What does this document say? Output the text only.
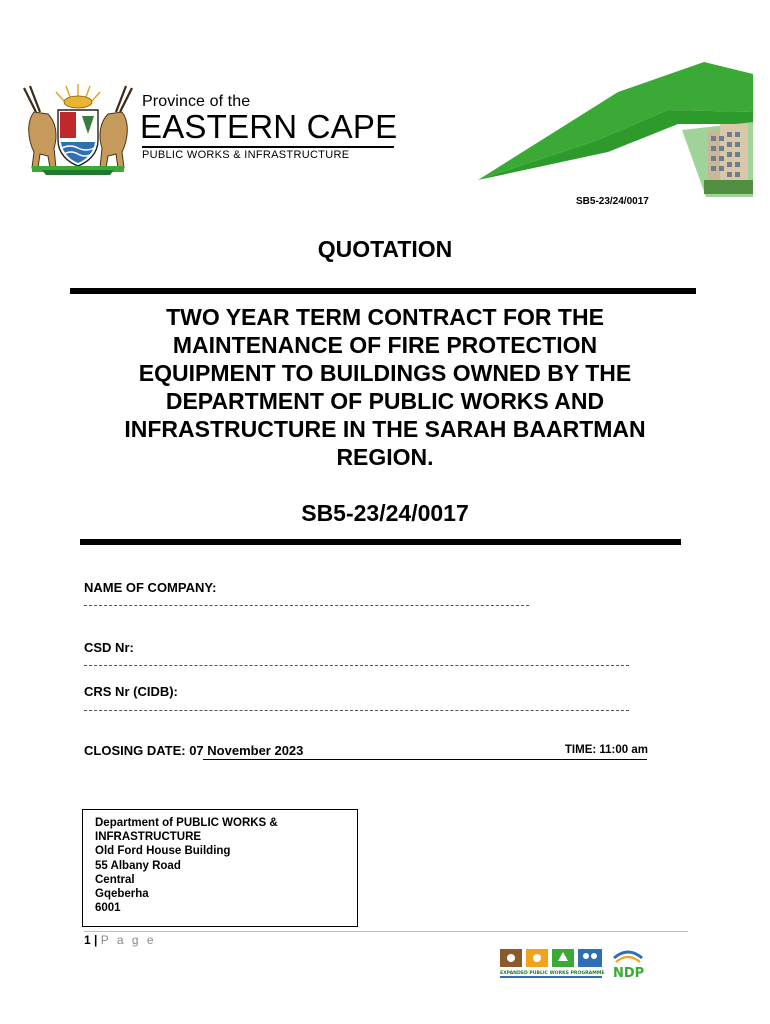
Province of the
EASTERN CAPE
PUBLIC WORKS & INFRASTRUCTURE
SB5-23/24/0017
QUOTATION
TWO YEAR TERM CONTRACT FOR THE
MAINTENANCE OF FIRE PROTECTION
EQUIPMENT TO BUILDINGS OWNED BY THE
DEPARTMENT OF PUBLIC WORKS AND
INFRASTRUCTURE IN THE SARAH BAARTMAN
REGION.
SB5-23/24/0017
NAME OF COMPANY:
CSD Nr:
CRS Nr (CIDB):
CLOSING DATE: 07 November 2023	TIME: 11:00 am
Department of PUBLIC WORKS &
INFRASTRUCTURE
Old Ford House Building
55 Albany Road
Central
Gqeberha
6001
1 | P a g e
EXPANDED PUBLIC WORKS PROGRAMME NDP
